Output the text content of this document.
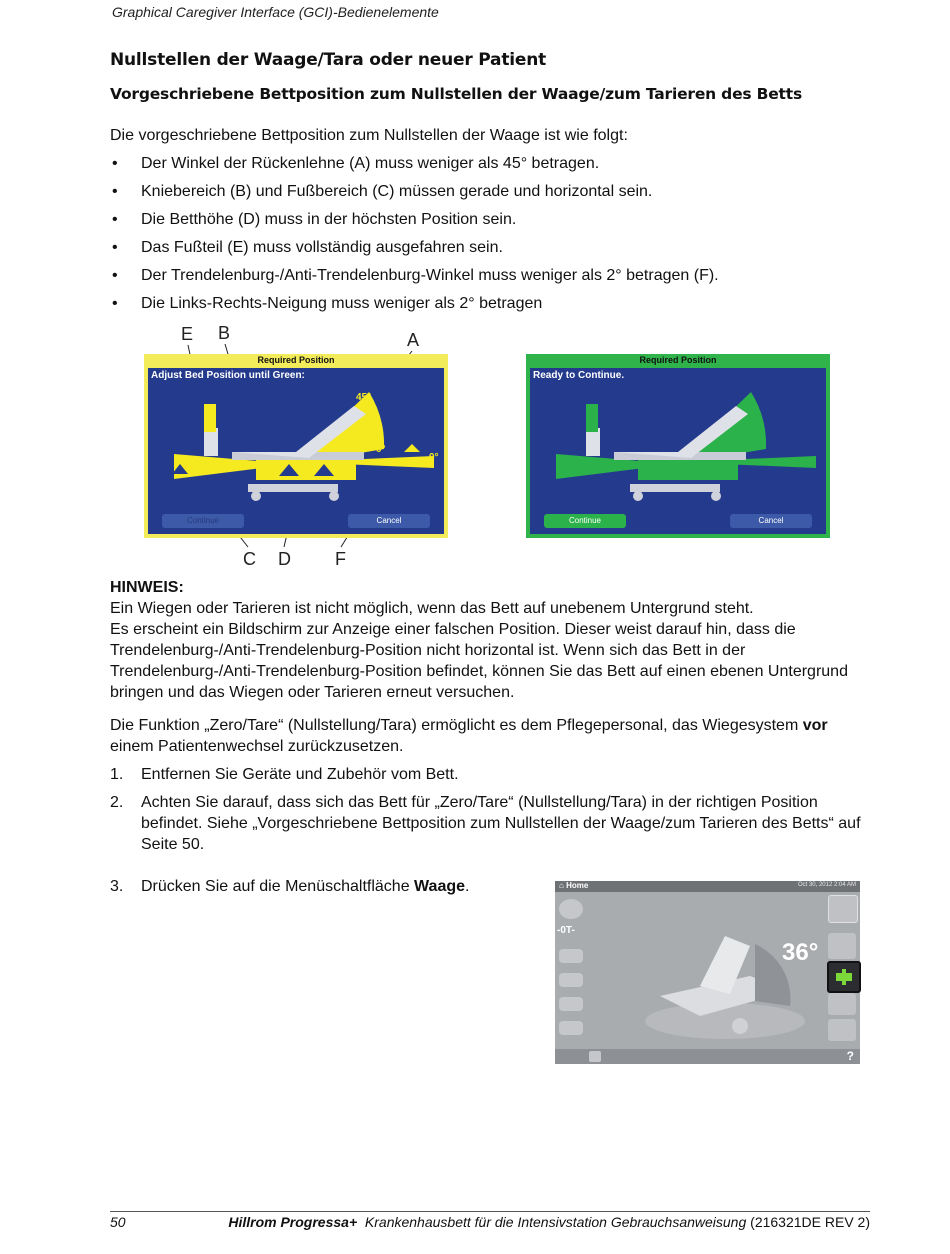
Graphical Caregiver Interface (GCI)-Bedienelemente
Nullstellen der Waage/Tara oder neuer Patient
Vorgeschriebene Bettposition zum Nullstellen der Waage/zum Tarieren des Betts
Die vorgeschriebene Bettposition zum Nullstellen der Waage ist wie folgt:
• Der Winkel der Rückenlehne (A) muss weniger als 45° betragen.
• Kniebereich (B) und Fußbereich (C) müssen gerade und horizontal sein.
• Die Betthöhe (D) muss in der höchsten Position sein.
• Das Fußteil (E) muss vollständig ausgefahren sein.
• Der Trendelenburg-/Anti-Trendelenburg-Winkel muss weniger als 2° betragen (F).
• Die Links-Rechts-Neigung muss weniger als 2° betragen
E B	A
C D F
Required Position
Adjust Bed Position until Green:
45°
0°
0°
Continue	Cancel
Required Position
Ready to Continue.
Continue	Cancel
HINWEIS:

Ein Wiegen oder Tarieren ist nicht möglich, wenn das Bett auf unebenem Untergrund steht.

Es erscheint ein Bildschirm zur Anzeige einer falschen Position. Dieser weist darauf hin, dass die Trendelenburg-/Anti-Trendelenburg-Position nicht horizontal ist. Wenn sich das Bett in der Trendelenburg-/Anti-Trendelenburg-Position befindet, können Sie das Bett auf einen ebenen Untergrund bringen und das Wiegen oder Tarieren erneut versuchen.

Die Funktion „Zero/Tare“ (Nullstellung/Tara) ermöglicht es dem Pflegepersonal, das Wiegesystem vor einem Patientenwechsel zurückzusetzen.
1. Entfernen Sie Geräte und Zubehör vom Bett.
2. Achten Sie darauf, dass sich das Bett für „Zero/Tare“ (Nullstellung/Tara) in der richtigen Position befindet. Siehe „Vorgeschriebene Bettposition zum Nullstellen der Waage/zum Tarieren des Betts“ auf Seite 50.
3. Drücken Sie auf die Menüschaltfläche Waage.	⌂ Home	Oct 30, 2012 2:04 AM
-0T-
36°
?
50	Hillrom Progressa+ Krankenhausbett für die Intensivstation Gebrauchsanweisung (216321DE REV 2)
